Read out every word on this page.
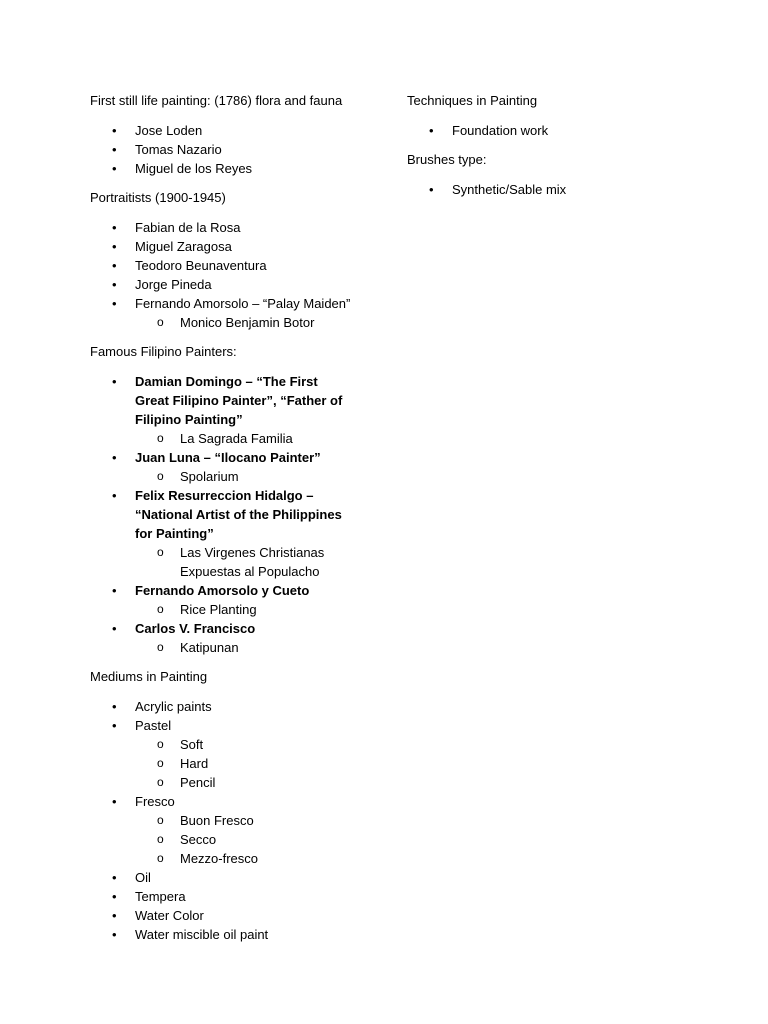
First still life painting: (1786) flora and fauna

•	Jose Loden
•	Tomas Nazario
•	Miguel de los Reyes

Portraitists (1900-1945)

•	Fabian de la Rosa
•	Miguel Zaragosa
•	Teodoro Beunaventura
•	Jorge Pineda
•	Fernando Amorsolo – “Palay Maiden”
o Monico Benjamin Botor

Famous Filipino Painters:

•	Damian Domingo – “The First Great Filipino Painter”, “Father of Filipino Painting”
o La Sagrada Familia
•	Juan Luna – “Ilocano Painter”
o Spolarium
•	Felix Resurreccion Hidalgo – “National Artist of the Philippines for Painting”
o Las Virgenes Christianas Expuestas al Populacho
•	Fernando Amorsolo y Cueto
o Rice Planting
•	Carlos V. Francisco
o Katipunan

Mediums in Painting

•	Acrylic paints
•	Pastel
o Soft
o Hard
o Pencil
•	Fresco
o Buon Fresco
o Secco
o Mezzo-fresco
•	Oil
•	Tempera
•	Water Color
•	Water miscible oil paint

Techniques in Painting

•	Foundation work

Brushes type:

•	Synthetic/Sable mix
